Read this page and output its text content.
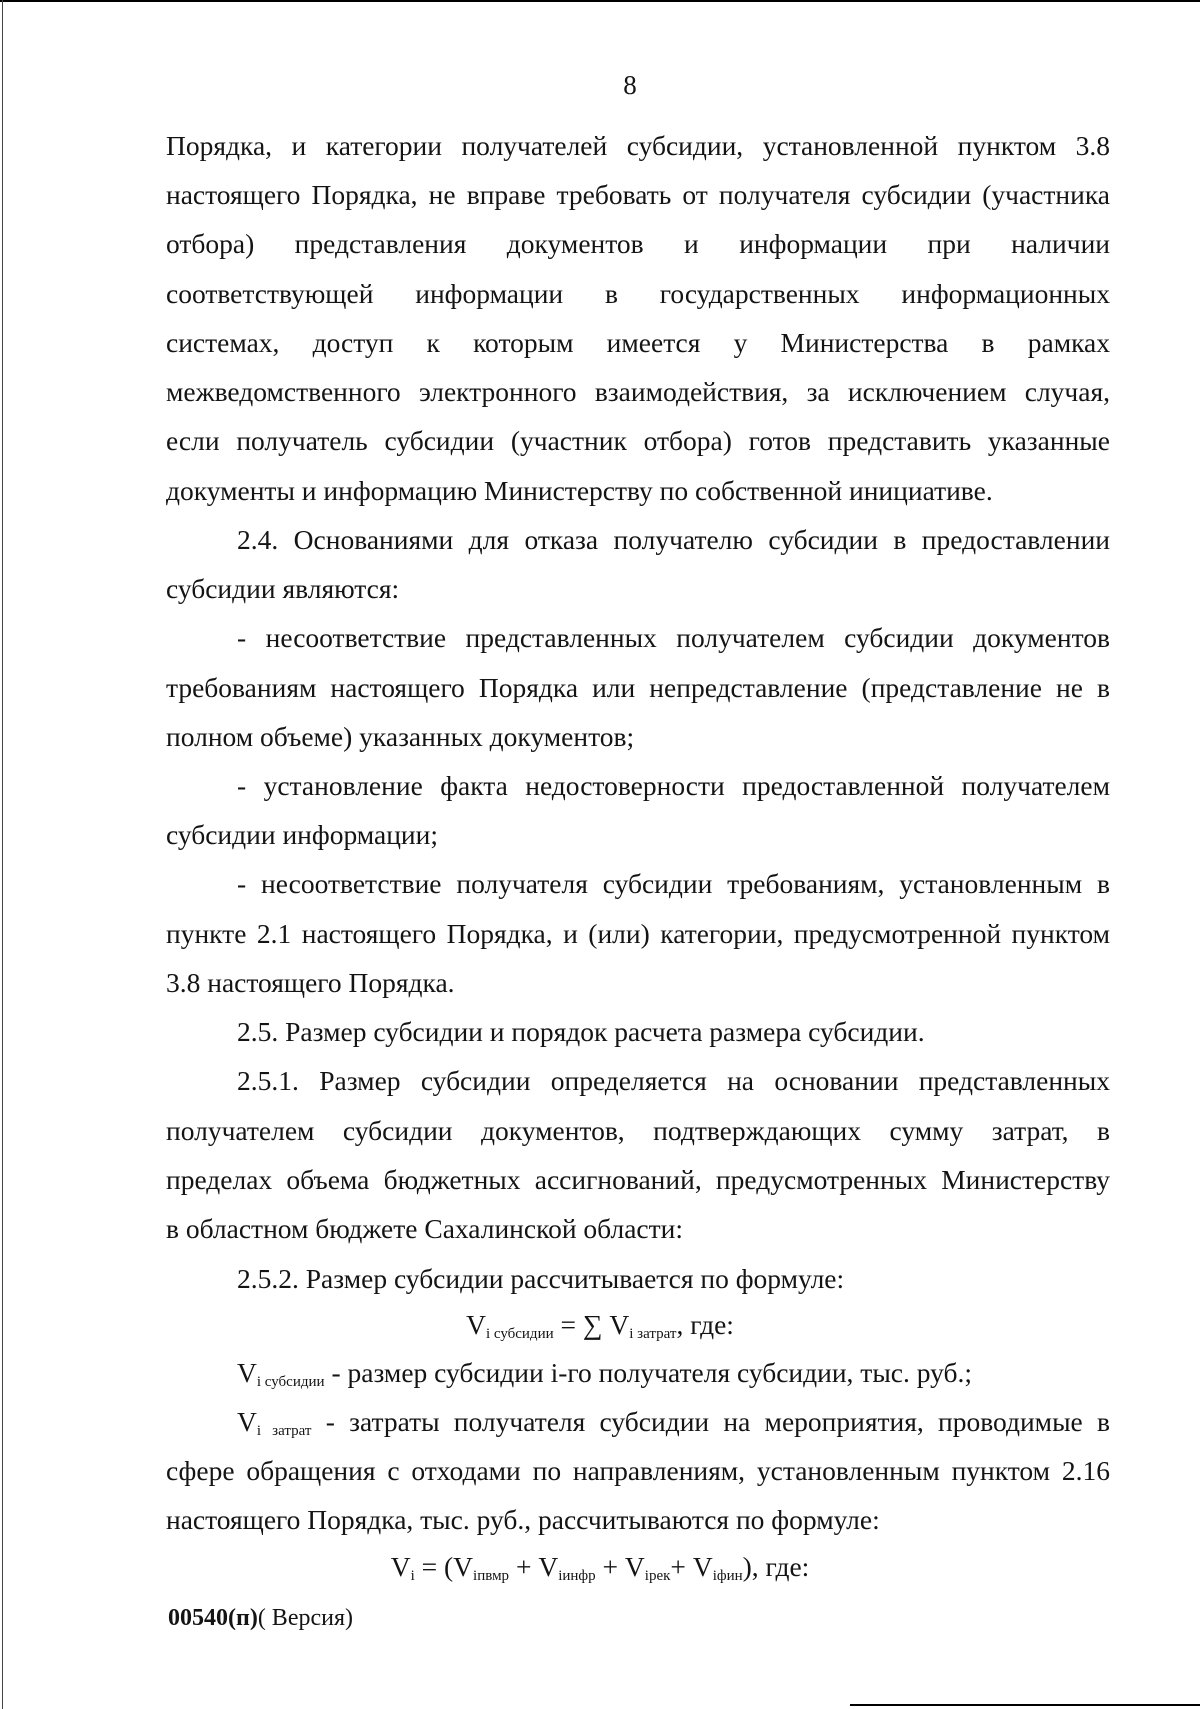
8
Порядка, и категории получателей субсидии, установленной пунктом 3.8
настоящего Порядка, не вправе требовать от получателя субсидии (участника
отбора) представления документов и информации при наличии
соответствующей информации в государственных информационных
системах, доступ к которым имеется у Министерства в рамках
межведомственного электронного взаимодействия, за исключением случая,
если получатель субсидии (участник отбора) готов представить указанные
документы и информацию Министерству по собственной инициативе.
2.4. Основаниями для отказа получателю субсидии в предоставлении
субсидии являются:
- несоответствие представленных получателем субсидии документов
требованиям настоящего Порядка или непредставление (представление не в
полном объеме) указанных документов;
- установление факта недостоверности предоставленной получателем
субсидии информации;
- несоответствие получателя субсидии требованиям, установленным в
пункте 2.1 настоящего Порядка, и (или) категории, предусмотренной пунктом
3.8 настоящего Порядка.
2.5. Размер субсидии и порядок расчета размера субсидии.
2.5.1. Размер субсидии определяется на основании представленных
получателем субсидии документов, подтверждающих сумму затрат, в
пределах объема бюджетных ассигнований, предусмотренных Министерству
в областном бюджете Сахалинской области:
2.5.2. Размер субсидии рассчитывается по формуле:
$V_{i субсидии}$ = ∑ $V_{i затрат}$, где:
$V_{i субсидии}$ - размер субсидии i-го получателя субсидии, тыс. руб.;
$V_{i затрат}$ - затраты получателя субсидии на мероприятия, проводимые в
сфере обращения с отходами по направлениям, установленным пунктом 2.16
настоящего Порядка, тыс. руб., рассчитываются по формуле:
$V_i = (V_{iпвмр} + V_{iинфр} + V_{iрек}+ V_{iфин})$, где:
00540(п)( Версия)
